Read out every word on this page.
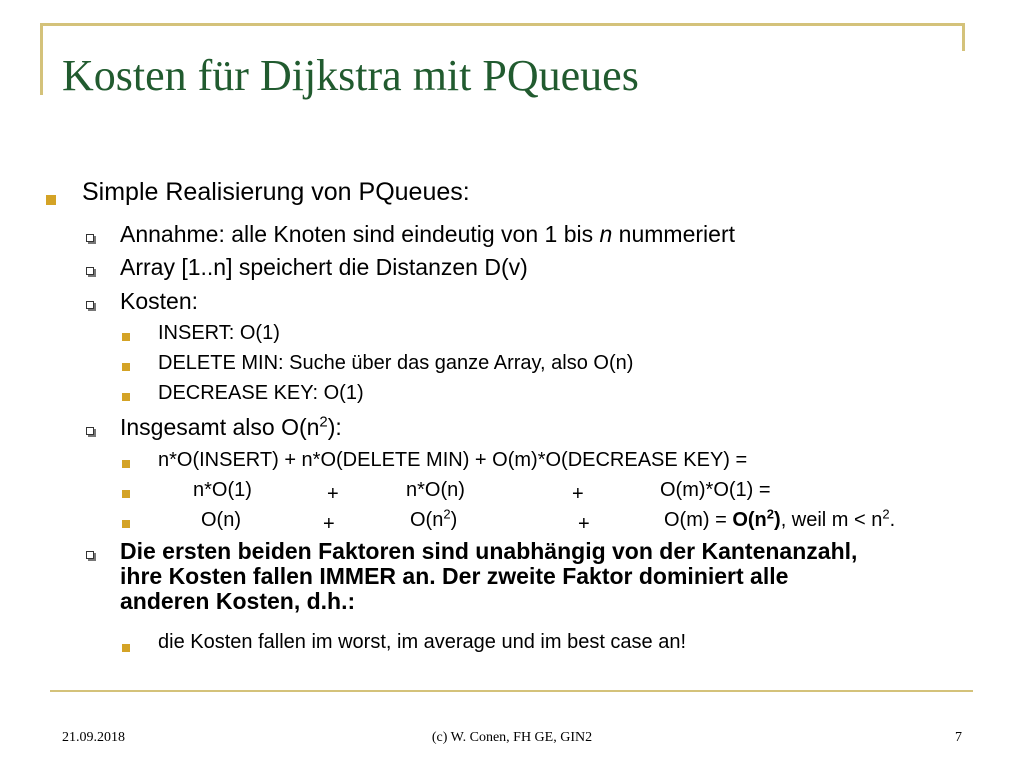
Kosten für Dijkstra mit PQueues
Simple Realisierung von PQueues:
Annahme: alle Knoten sind eindeutig von 1 bis n nummeriert
Array [1..n] speichert die Distanzen D(v)
Kosten:
INSERT: O(1)
DELETE MIN: Suche über das ganze Array, also O(n)
DECREASE KEY: O(1)
Insgesamt also $O(n^2)$:
n*O(INSERT) + n*O(DELETE MIN) + O(m)*O(DECREASE KEY) =
n*O(1)	+	n*O(n)	+	O(m)*O(1) =
O(n)	+	$O(n^2)$	+	$O(m) = O(n^2)$, weil $m < n^2$.
Die ersten beiden Faktoren sind unabhängig von der Kantenanzahl,
ihre Kosten fallen IMMER an. Der zweite Faktor dominiert alle
anderen Kosten, d.h.:
die Kosten fallen im worst, im average und im best case an!
21.09.2018	(c) W. Conen, FH GE, GIN2	7
